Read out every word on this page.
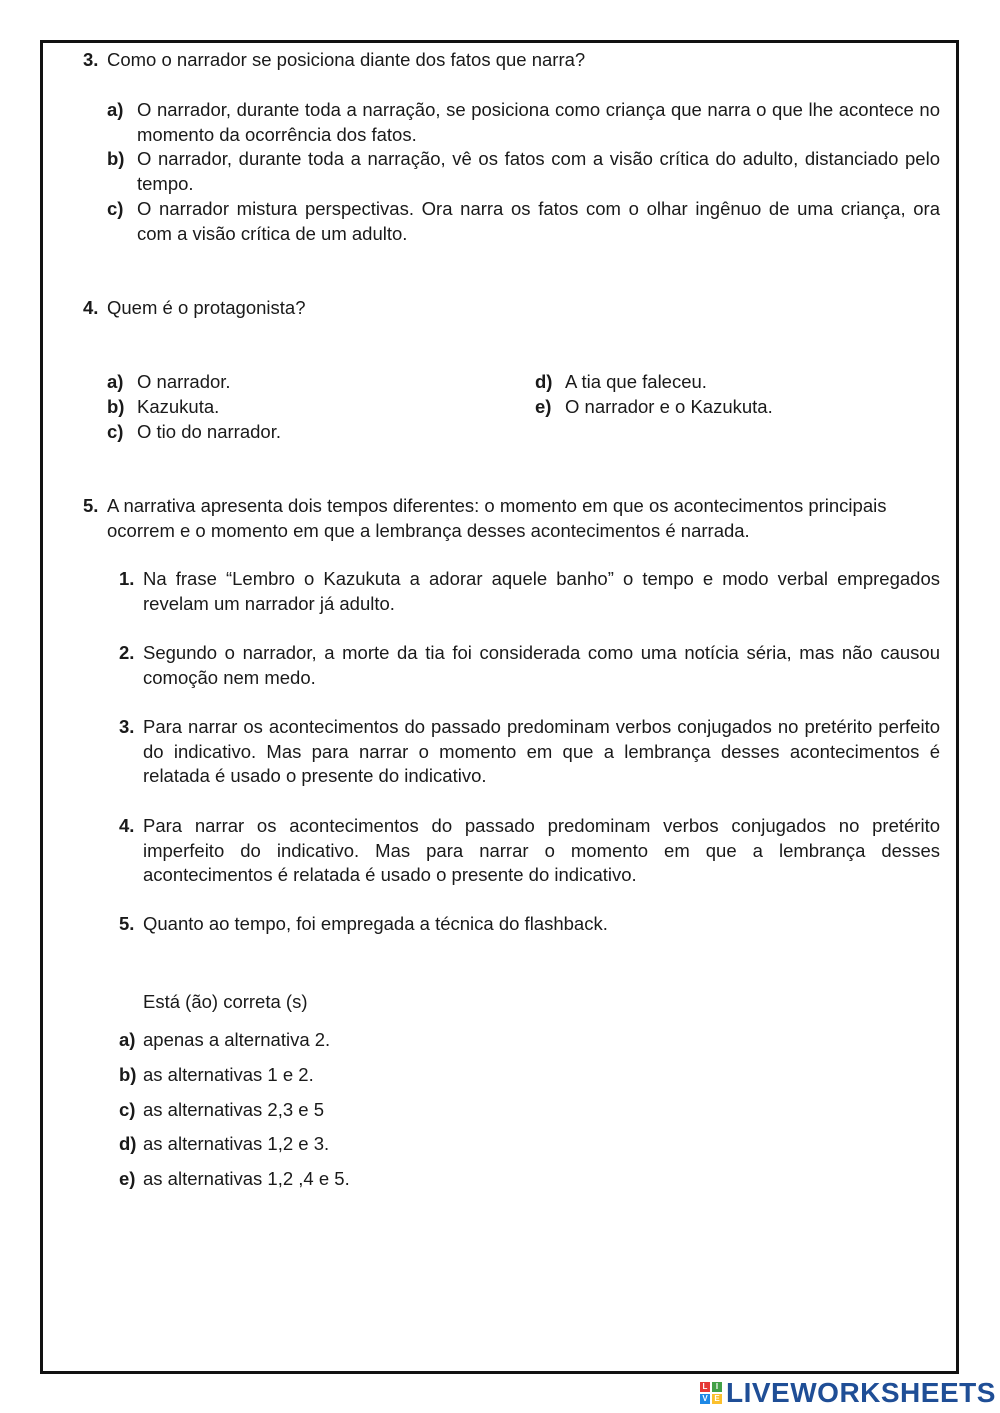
3. Como o narrador se posiciona diante dos fatos que narra?
a) O narrador, durante toda a narração, se posiciona como criança que narra o que lhe acontece no momento da ocorrência dos fatos.
b) O narrador, durante toda a narração, vê os fatos com a visão crítica do adulto, distanciado pelo tempo.
c) O narrador mistura perspectivas. Ora narra os fatos com o olhar ingênuo de uma criança, ora com a visão crítica de um adulto.
4. Quem é o protagonista?
a) O narrador.
b) Kazukuta.
c) O tio do narrador.
d) A tia que faleceu.
e) O narrador e o Kazukuta.
5. A narrativa apresenta dois tempos diferentes: o momento em que os acontecimentos principais ocorrem e o momento em que a lembrança desses acontecimentos é narrada.
1. Na frase “Lembro o Kazukuta a adorar aquele banho” o tempo e modo verbal empregados revelam um narrador já adulto.
2. Segundo o narrador, a morte da tia foi considerada como uma notícia séria, mas não causou comoção nem medo.
3. Para narrar os acontecimentos do passado predominam verbos conjugados no pretérito perfeito do indicativo. Mas para narrar o momento em que a lembrança desses acontecimentos é relatada é usado o presente do indicativo.
4. Para narrar os acontecimentos do passado predominam verbos conjugados no pretérito imperfeito do indicativo. Mas para narrar o momento em que a lembrança desses acontecimentos é relatada é usado o presente do indicativo.
5. Quanto ao tempo, foi empregada a técnica do flashback.
Está (ão) correta (s)
a) apenas a alternativa 2.
b) as alternativas 1 e 2.
c) as alternativas 2,3 e 5
d) as alternativas 1,2 e 3.
e) as alternativas 1,2 ,4 e 5.
L	I
V E LIVEWORKSHEETS
